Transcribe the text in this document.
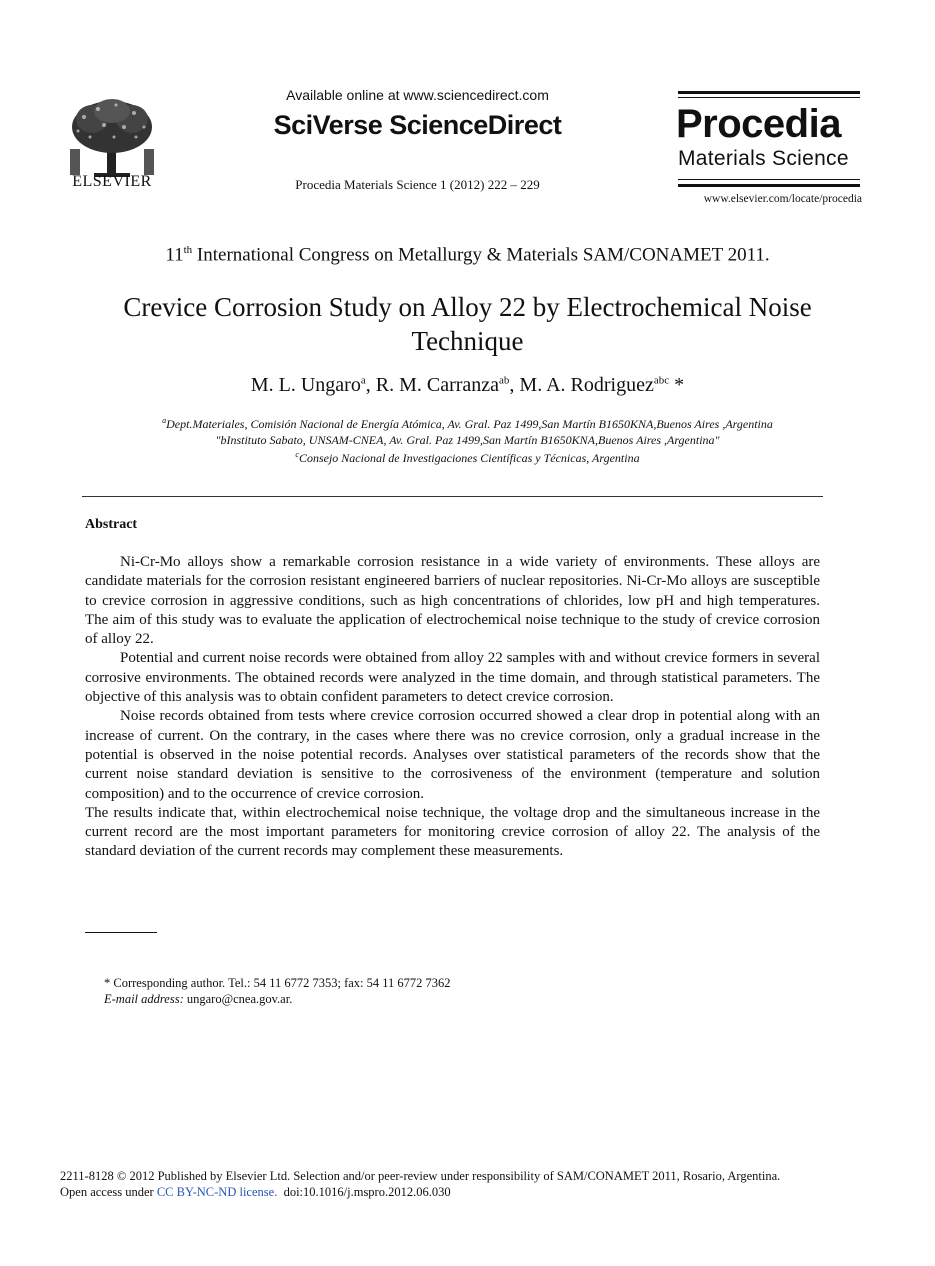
ELSEVIER
Available online at www.sciencedirect.com
SciVerse ScienceDirect
Procedia Materials Science 1 (2012) 222 – 229
Procedia
Materials Science
www.elsevier.com/locate/procedia
11th International Congress on Metallurgy & Materials SAM/CONAMET 2011.
Crevice Corrosion Study on Alloy 22 by Electrochemical Noise
Technique
M. L. Ungaro$^a$, R. M. Carranza$^{ab}$, M. A. Rodriguez$^{abc}$ *
$^a$Dept.Materiales, Comisión Nacional de Energía Atómica, Av. Gral. Paz 1499,San Martín B1650KNA,Buenos Aires ,Argentina
"bInstituto Sabato, UNSAM-CNEA, Av. Gral. Paz 1499,San Martín B1650KNA,Buenos Aires ,Argentina"
$^c$Consejo Nacional de Investigaciones Científicas y Técnicas, Argentina
Abstract

Ni-Cr-Mo alloys show a remarkable corrosion resistance in a wide variety of environments. These alloys are candidate materials for the corrosion resistant engineered barriers of nuclear repositories. Ni-Cr-Mo alloys are susceptible to crevice corrosion in aggressive conditions, such as high concentrations of chlorides, low pH and high temperatures. The aim of this study was to evaluate the application of electrochemical noise technique to the study of crevice corrosion of alloy 22.

Potential and current noise records were obtained from alloy 22 samples with and without crevice formers in several corrosive environments. The obtained records were analyzed in the time domain, and through statistical parameters. The objective of this analysis was to obtain confident parameters to detect crevice corrosion.

Noise records obtained from tests where crevice corrosion occurred showed a clear drop in potential along with an increase of current. On the contrary, in the cases where there was no crevice corrosion, only a gradual increase in the potential is observed in the noise potential records. Analyses over statistical parameters of the records show that the current noise standard deviation is sensitive to the corrosiveness of the environment (temperature and solution composition) and to the occurrence of crevice corrosion.

The results indicate that, within electrochemical noise technique, the voltage drop and the simultaneous increase in the current record are the most important parameters for monitoring crevice corrosion of alloy 22. The analysis of the standard deviation of the current records may complement these measurements.

* Corresponding author. Tel.: 54 11 6772 7353; fax: 54 11 6772 7362
E-mail address: ungaro@cnea.gov.ar.
2211-8128 © 2012 Published by Elsevier Ltd. Selection and/or peer-review under responsibility of SAM/CONAMET 2011, Rosario, Argentina.
Open access under CC BY-NC-ND license.  doi:10.1016/j.mspro.2012.06.030
